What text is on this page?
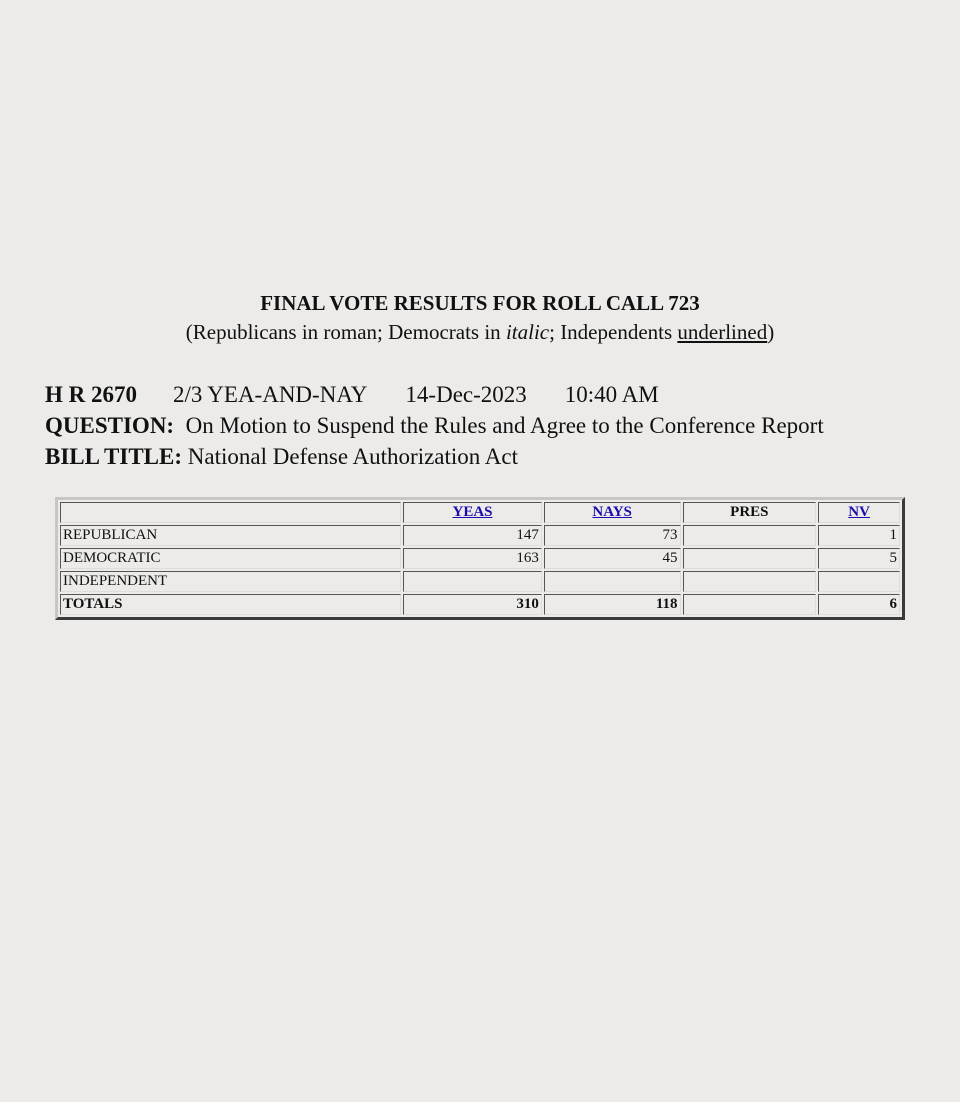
FINAL VOTE RESULTS FOR ROLL CALL 723

(Republicans in roman; Democrats in italic; Independents underlined)

H R 2670 2/3 YEA-AND-NAY 14-Dec-2023 10:40 AM
QUESTION: On Motion to Suspend the Rules and Agree to the Conference Report
BILL TITLE: National Defense Authorization Act
	YEAS	NAYS	PRES	NV
REPUBLICAN	147	73		1
DEMOCRATIC	163	45		5
INDEPENDENT				
TOTALS	310	118		6
